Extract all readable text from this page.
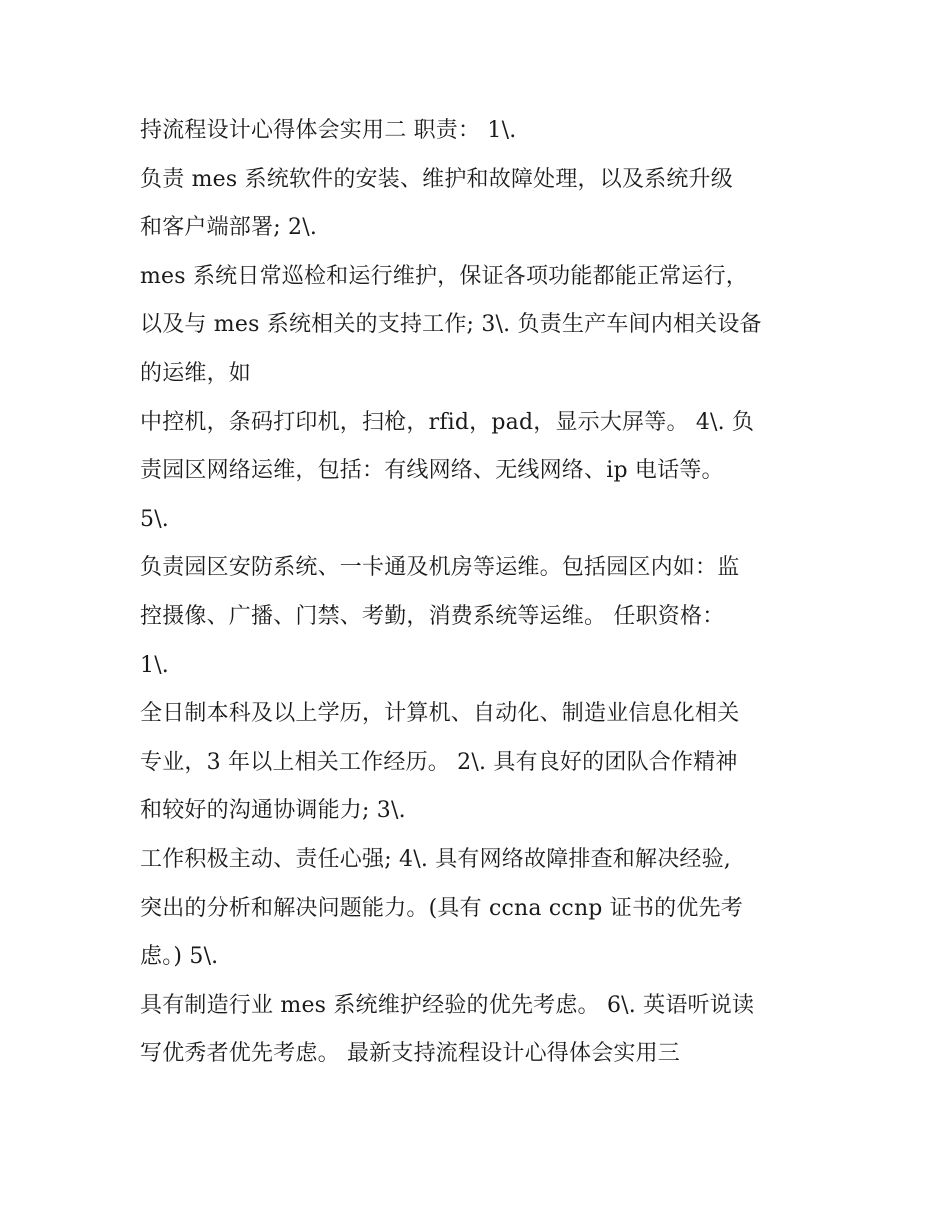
持流程设计心得体会实用二 职责： 1\.
负责 mes 系统软件的安装、维护和故障处理，以及系统升级
和客户端部署; 2\.
mes 系统日常巡检和运行维护，保证各项功能都能正常运行，
以及与 mes 系统相关的支持工作; 3\. 负责生产车间内相关设备
的运维，如
中控机，条码打印机，扫枪，rfid，pad，显示大屏等。 4\. 负
责园区网络运维，包括：有线网络、无线网络、ip 电话等。
5\.
负责园区安防系统、一卡通及机房等运维。包括园区内如：监
控摄像、广播、门禁、考勤，消费系统等运维。 任职资格：
1\.
全日制本科及以上学历，计算机、自动化、制造业信息化相关
专业，3 年以上相关工作经历。 2\. 具有良好的团队合作精神
和较好的沟通协调能力; 3\.
工作积极主动、责任心强; 4\. 具有网络故障排查和解决经验,
突出的分析和解决问题能力。(具有 ccna ccnp 证书的优先考
虑。) 5\.
具有制造行业 mes 系统维护经验的优先考虑。 6\. 英语听说读
写优秀者优先考虑。 最新支持流程设计心得体会实用三
